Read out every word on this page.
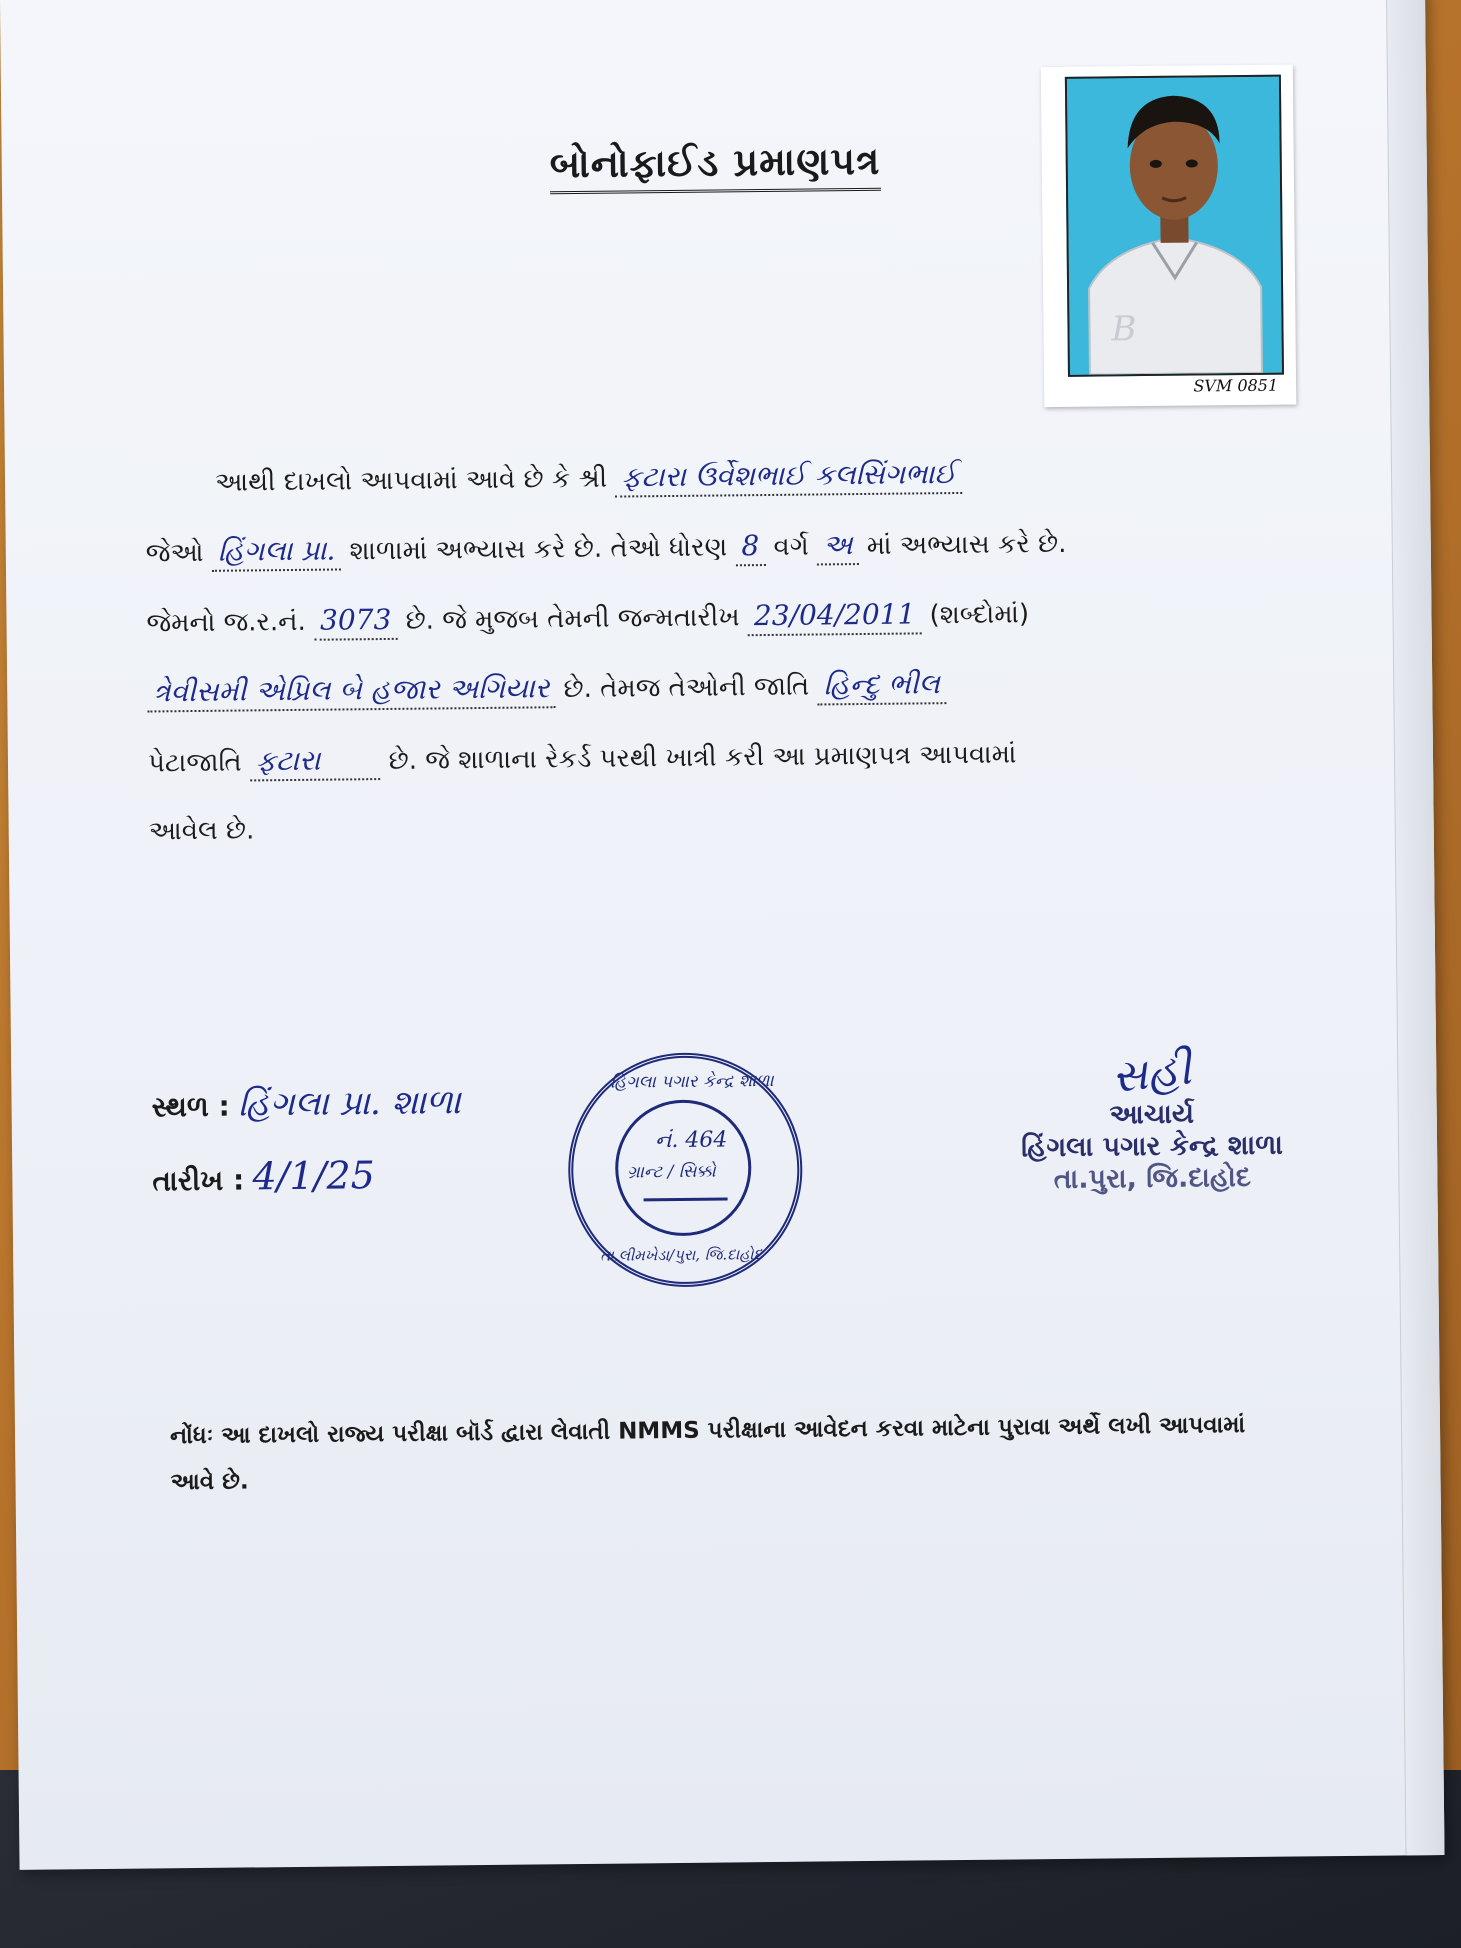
બોનોફાઈડ પ્રમાણપત્ર
B
SVM 0851
આથી દાખલો આપવામાં આવે છે કે શ્રી ફટારા ઉર્વેશભાઈ કલસિંગભાઈ
જેઓ હિંગલા પ્રા. શાળામાં અભ્યાસ કરે છે. તેઓ ધોરણ 8 વર્ગ અ માં અભ્યાસ કરે છે.
જેમનો જ.ર.નં. 3073 છે. જે મુજબ તેમની જન્મતારીખ 23/04/2011 (શબ્દોમાં)
ત્રેવીસમી એપ્રિલ બે હજાર અગિયાર છે. તેમજ તેઓની જાતિ હિન્દુ ભીલ
પેટાજાતિ ફટારા	છે. જે શાળાના રેકર્ડ પરથી ખાત્રી કરી આ પ્રમાણપત્ર આપવામાં
આવેલ છે.
સ્થળ : હિંગલા પ્રા. શાળા
તારીખ : 4/1/25
હિંગલા પગાર કેન્દ્ર શાળા
નં. 464
ગ્રાન્ટ / સિક્કો
તા.લીમખેડા/પુરા, જિ.દાહોદ
સહી
આચાર્ય
હિંગલા પગાર કેન્દ્ર શાળા
તા.પુરા, જિ.દાહોદ
નોંધઃ આ દાખલો રાજ્ય પરીક્ષા બૉર્ડ દ્વારા લેવાતી NMMS પરીક્ષાના આવેદન કરવા માટેના પુરાવા અર્થે લખી આપવામાં આવે છે.
